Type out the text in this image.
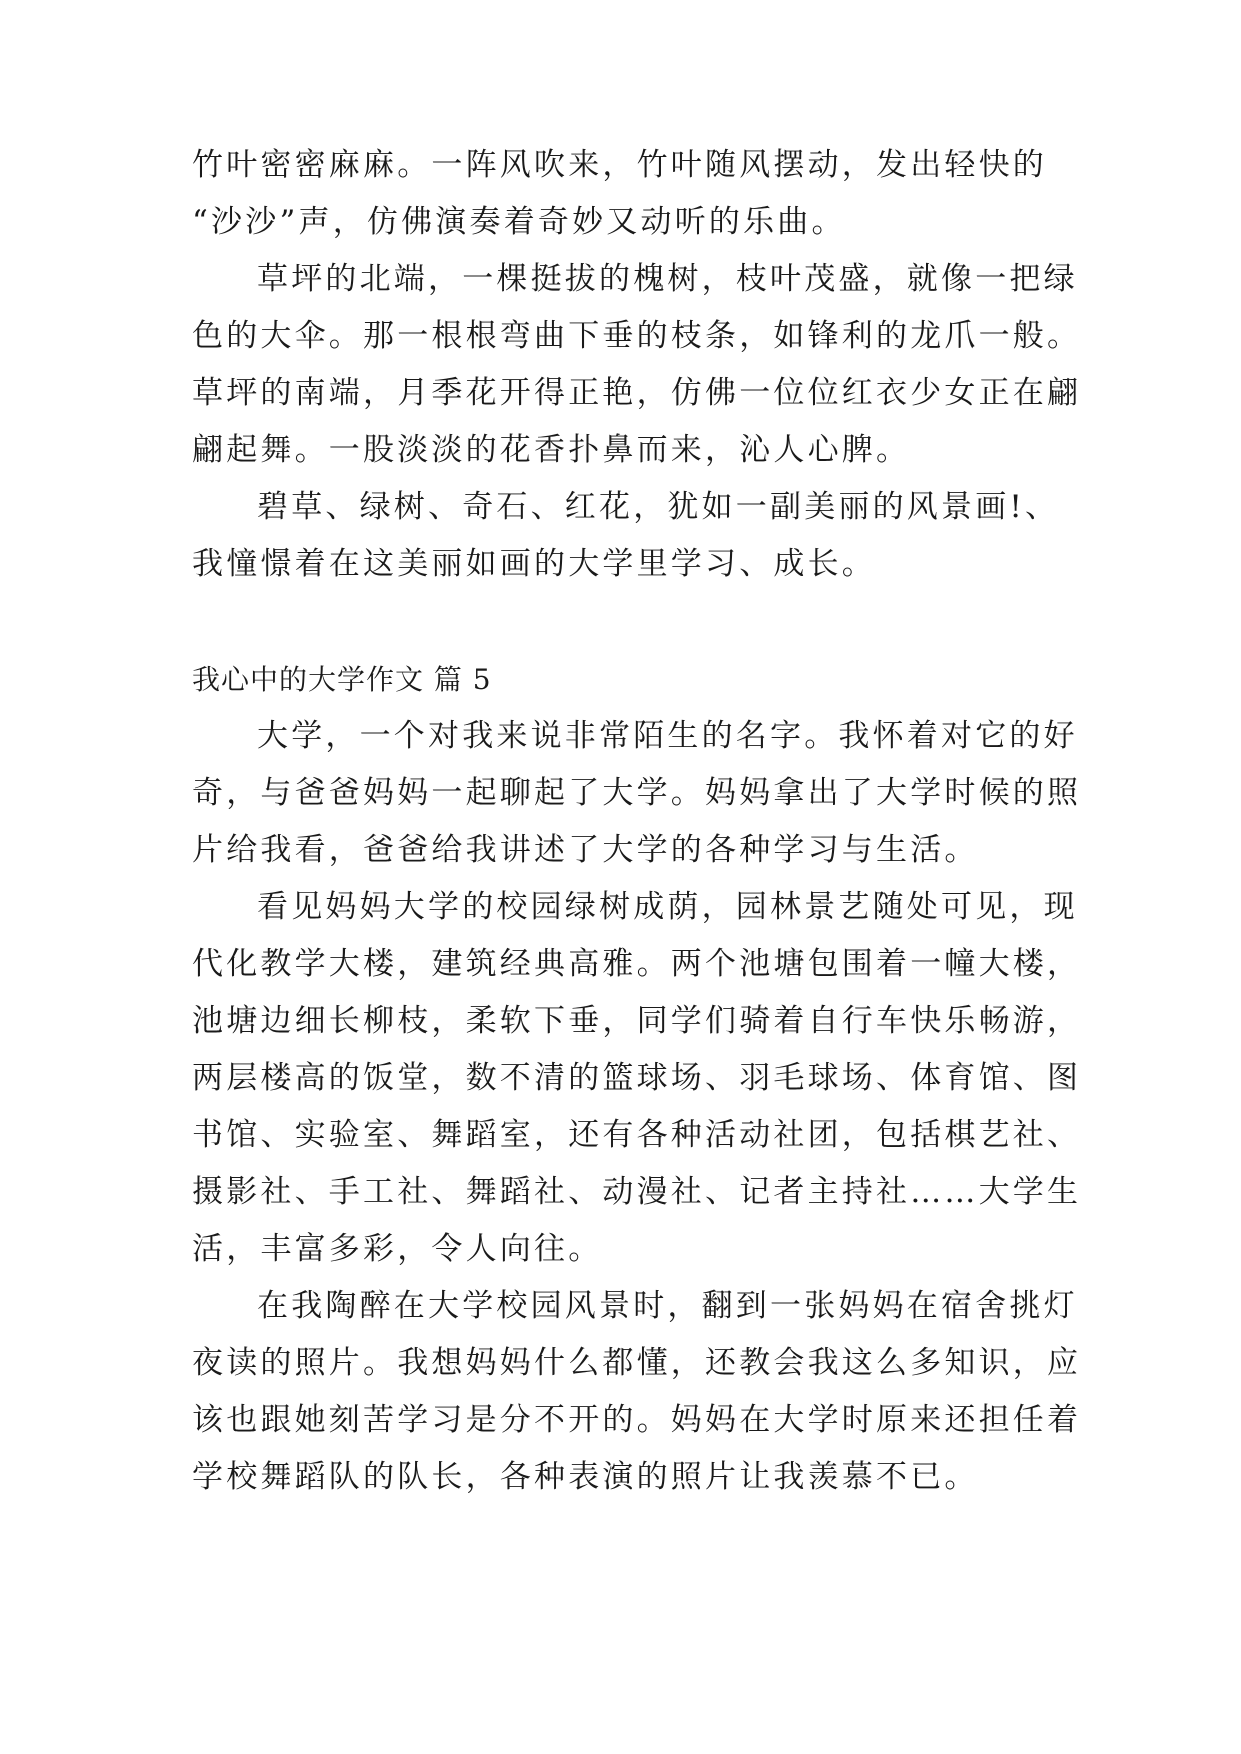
竹叶密密麻麻。一阵风吹来，竹叶随风摆动，发出轻快的
“沙沙”声，仿佛演奏着奇妙又动听的乐曲。
草坪的北端，一棵挺拔的槐树，枝叶茂盛，就像一把绿
色的大伞。那一根根弯曲下垂的枝条，如锋利的龙爪一般。
草坪的南端，月季花开得正艳，仿佛一位位红衣少女正在翩
翩起舞。一股淡淡的花香扑鼻而来，沁人心脾。
碧草、绿树、奇石、红花，犹如一副美丽的风景画!、
我憧憬着在这美丽如画的大学里学习、成长。
我心中的大学作文 篇 5
大学，一个对我来说非常陌生的名字。我怀着对它的好
奇，与爸爸妈妈一起聊起了大学。妈妈拿出了大学时候的照
片给我看，爸爸给我讲述了大学的各种学习与生活。
看见妈妈大学的校园绿树成荫，园林景艺随处可见，现
代化教学大楼，建筑经典高雅。两个池塘包围着一幢大楼，
池塘边细长柳枝，柔软下垂，同学们骑着自行车快乐畅游，
两层楼高的饭堂，数不清的篮球场、羽毛球场、体育馆、图
书馆、实验室、舞蹈室，还有各种活动社团，包括棋艺社、
摄影社、手工社、舞蹈社、动漫社、记者主持社……大学生
活，丰富多彩，令人向往。
在我陶醉在大学校园风景时，翻到一张妈妈在宿舍挑灯
夜读的照片。我想妈妈什么都懂，还教会我这么多知识，应
该也跟她刻苦学习是分不开的。妈妈在大学时原来还担任着
学校舞蹈队的队长，各种表演的照片让我羡慕不已。
